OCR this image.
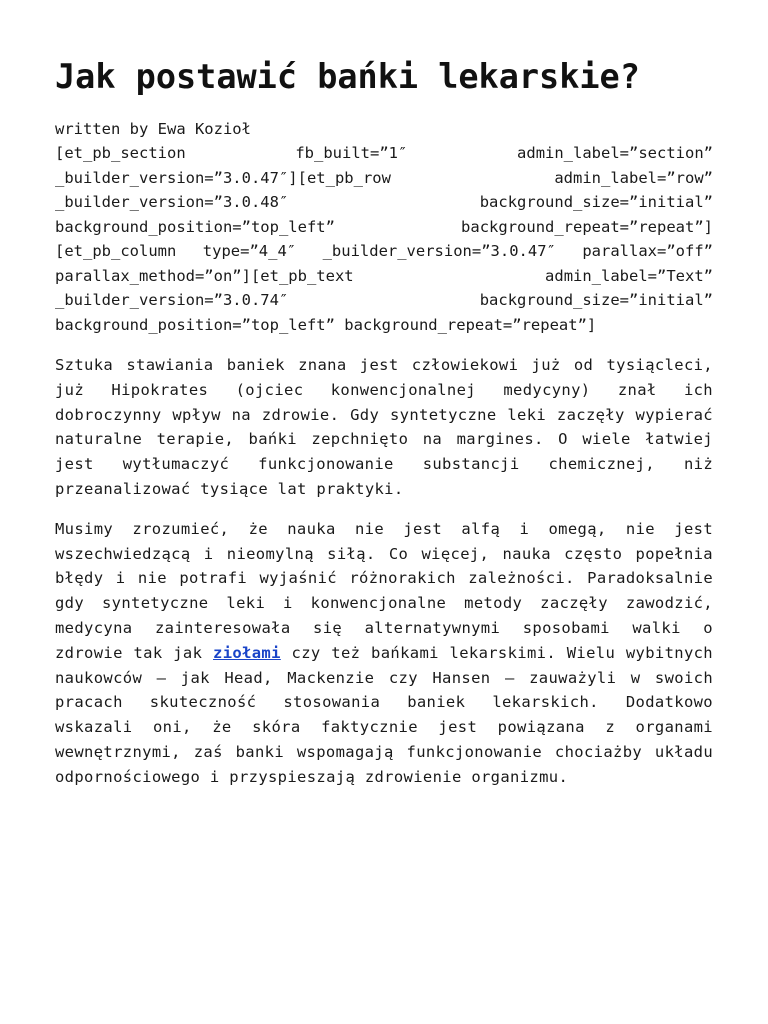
Jak postawić bańki lekarskie?
written by Ewa Kozioł

[et_pb_section fb_built=”1″ admin_label=”section” _builder_version=”3.0.47″][et_pb_row admin_label=”row” _builder_version=”3.0.48″ background_size=”initial” background_position=”top_left” background_repeat=”repeat”][et_pb_column type=”4_4″ _builder_version=”3.0.47″ parallax=”off” parallax_method=”on”][et_pb_text admin_label=”Text” _builder_version=”3.0.74″ background_size=”initial” background_position=”top_left” background_repeat=”repeat”]

Sztuka stawiania baniek znana jest człowiekowi już od tysiącleci, już Hipokrates (ojciec konwencjonalnej medycyny) znał ich dobroczynny wpływ na zdrowie. Gdy syntetyczne leki zaczęły wypierać naturalne terapie, bańki zepchnięto na margines. O wiele łatwiej jest wytłumaczyć funkcjonowanie substancji chemicznej, niż przeanalizować tysiące lat praktyki.

Musimy zrozumieć, że nauka nie jest alfą i omegą, nie jest wszechwiedzącą i nieomylną siłą. Co więcej, nauka często popełnia błędy i nie potrafi wyjaśnić różnorakich zależności. Paradoksalnie gdy syntetyczne leki i konwencjonalne metody zaczęły zawodzić, medycyna zainteresowała się alternatywnymi sposobami walki o zdrowie tak jak ziołami czy też bańkami lekarskimi. Wielu wybitnych naukowców – jak Head, Mackenzie czy Hansen – zauważyli w swoich pracach skuteczność stosowania baniek lekarskich. Dodatkowo wskazali oni, że skóra faktycznie jest powiązana z organami wewnętrznymi, zaś banki wspomagają funkcjonowanie chociażby układu odpornościowego i przyspieszają zdrowienie organizmu.
